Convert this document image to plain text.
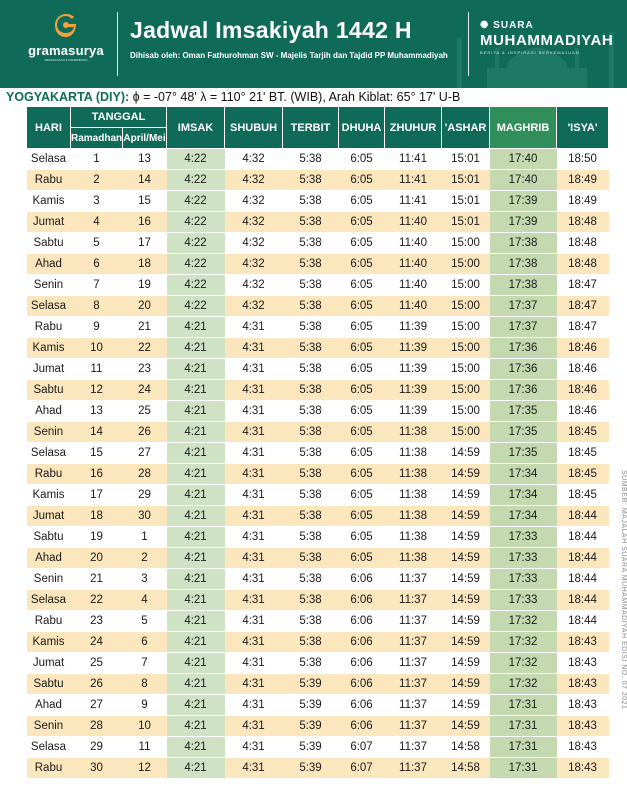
gramasurya
PERCETAKAN & PENERBITAN
Jadwal Imsakiyah 1442 H
Dihisab oleh: Oman Fathurohman SW - Majelis Tarjih dan Tajdid PP Muhammadiyah
✺ SUARA
MUHAMMADIYAH
BERITA & INSPIRASI BERKEMAJUAN
YOGYAKARTA (DIY): ϕ = -07° 48' λ = 110° 21' BT. (WIB), Arah Kiblat: 65° 17' U-B
HARI	TANGGAL		IMSAK	SHUBUH	TERBIT	DHUHA	ZHUHUR	'ASHAR	MAGHRIB	'ISYA'
	Ramadhan	April/Mei								
Selasa	1	13	4:22	4:32	5:38	6:05	11:41	15:01	17:40	18:50
Rabu	2	14	4:22	4:32	5:38	6:05	11:41	15:01	17:40	18:49
Kamis	3	15	4:22	4:32	5:38	6:05	11:41	15:01	17:39	18:49
Jumat	4	16	4:22	4:32	5:38	6:05	11:40	15:01	17:39	18:48
Sabtu	5	17	4:22	4:32	5:38	6:05	11:40	15:00	17:38	18:48
Ahad	6	18	4:22	4:32	5:38	6:05	11:40	15:00	17:38	18:48
Senin	7	19	4:22	4:32	5:38	6:05	11:40	15:00	17:38	18:47
Selasa	8	20	4:22	4:32	5:38	6:05	11:40	15:00	17:37	18:47
Rabu	9	21	4:21	4:31	5:38	6:05	11:39	15:00	17:37	18:47
Kamis	10	22	4:21	4:31	5:38	6:05	11:39	15:00	17:36	18:46
Jumat	11	23	4:21	4:31	5:38	6:05	11:39	15:00	17:36	18:46
Sabtu	12	24	4:21	4:31	5:38	6:05	11:39	15:00	17:36	18:46
Ahad	13	25	4:21	4:31	5:38	6:05	11:39	15:00	17:35	18:46
Senin	14	26	4:21	4:31	5:38	6:05	11:38	15:00	17:35	18:45
Selasa	15	27	4:21	4:31	5:38	6:05	11:38	14:59	17:35	18:45
Rabu	16	28	4:21	4:31	5:38	6:05	11:38	14:59	17:34	18:45
Kamis	17	29	4:21	4:31	5:38	6:05	11:38	14:59	17:34	18:45
Jumat	18	30	4:21	4:31	5:38	6:05	11:38	14:59	17:34	18:44
Sabtu	19	1	4:21	4:31	5:38	6:05	11:38	14:59	17:33	18:44
Ahad	20	2	4:21	4:31	5:38	6:05	11:38	14:59	17:33	18:44
Senin	21	3	4:21	4:31	5:38	6:06	11:37	14:59	17:33	18:44
Selasa	22	4	4:21	4:31	5:38	6:06	11:37	14:59	17:33	18:44
Rabu	23	5	4:21	4:31	5:38	6:06	11:37	14:59	17:32	18:44
Kamis	24	6	4:21	4:31	5:38	6:06	11:37	14:59	17:32	18:43
Jumat	25	7	4:21	4:31	5:38	6:06	11:37	14:59	17:32	18:43
Sabtu	26	8	4:21	4:31	5:39	6:06	11:37	14:59	17:32	18:43
Ahad	27	9	4:21	4:31	5:39	6:06	11:37	14:59	17:31	18:43
Senin	28	10	4:21	4:31	5:39	6:06	11:37	14:59	17:31	18:43
Selasa	29	11	4:21	4:31	5:39	6:07	11:37	14:58	17:31	18:43
Rabu	30	12	4:21	4:31	5:39	6:07	11:37	14:58	17:31	18:43
SUMBER: MAJALAH SUARA MUHAMMADIYAH EDISI NO. 07 2021
